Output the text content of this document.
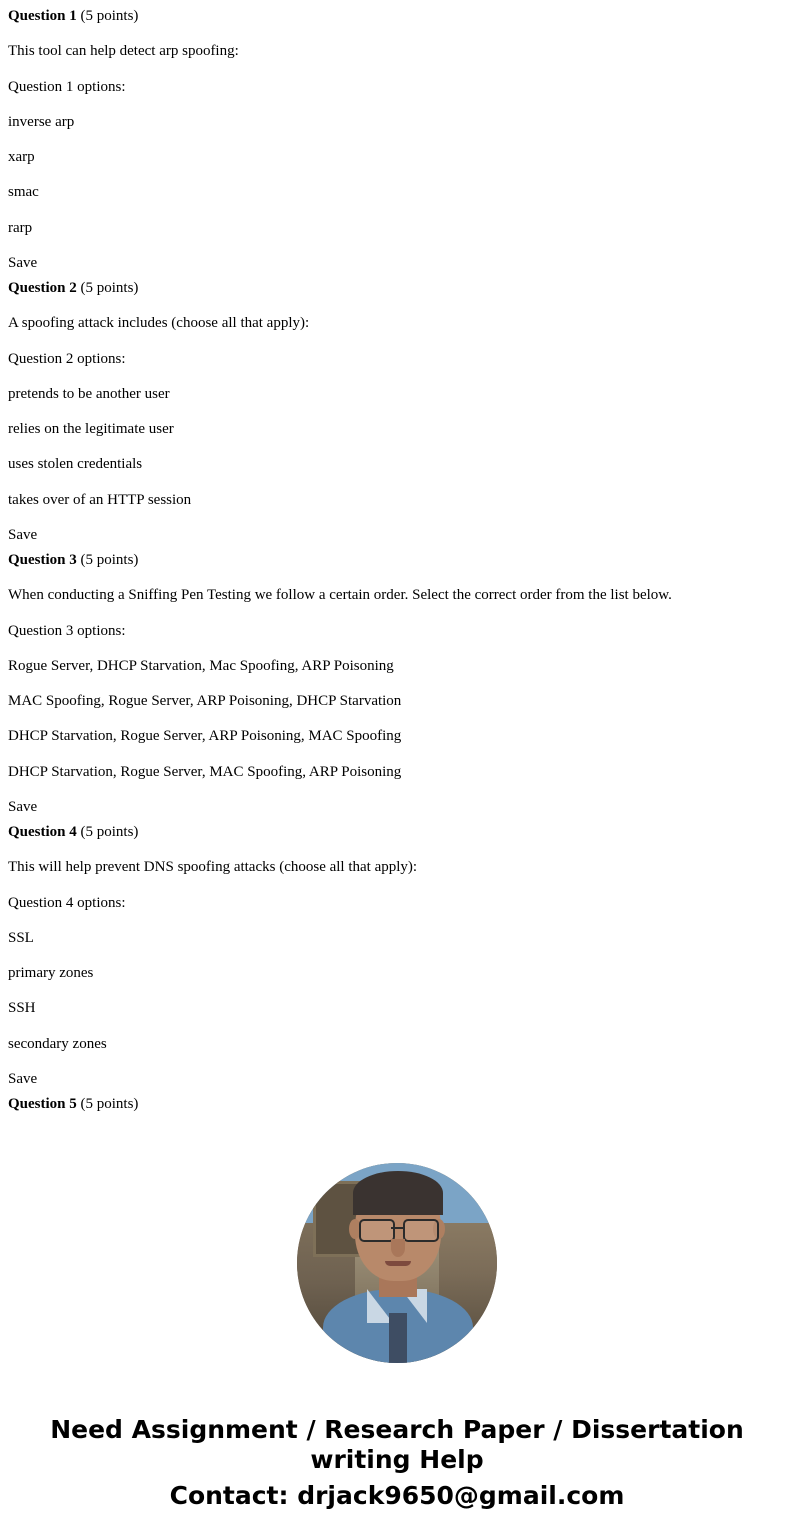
Question 1 (5 points)

This tool can help detect arp spoofing:

Question 1 options:

inverse arp

xarp

smac

rarp

Save

Question 2 (5 points)

A spoofing attack includes (choose all that apply):

Question 2 options:

pretends to be another user

relies on the legitimate user

uses stolen credentials

takes over of an HTTP session

Save

Question 3 (5 points)

When conducting a Sniffing Pen Testing we follow a certain order. Select the correct order from the list below.

Question 3 options:

Rogue Server, DHCP Starvation, Mac Spoofing, ARP Poisoning

MAC Spoofing, Rogue Server, ARP Poisoning, DHCP Starvation

DHCP Starvation, Rogue Server, ARP Poisoning, MAC Spoofing

DHCP Starvation, Rogue Server, MAC Spoofing, ARP Poisoning

Save

Question 4 (5 points)

This will help prevent DNS spoofing attacks (choose all that apply):

Question 4 options:

SSL

primary zones

SSH

secondary zones

Save

Question 5 (5 points)

Need Assignment / Research Paper / Dissertation writing Help

Contact: drjack9650@gmail.com
